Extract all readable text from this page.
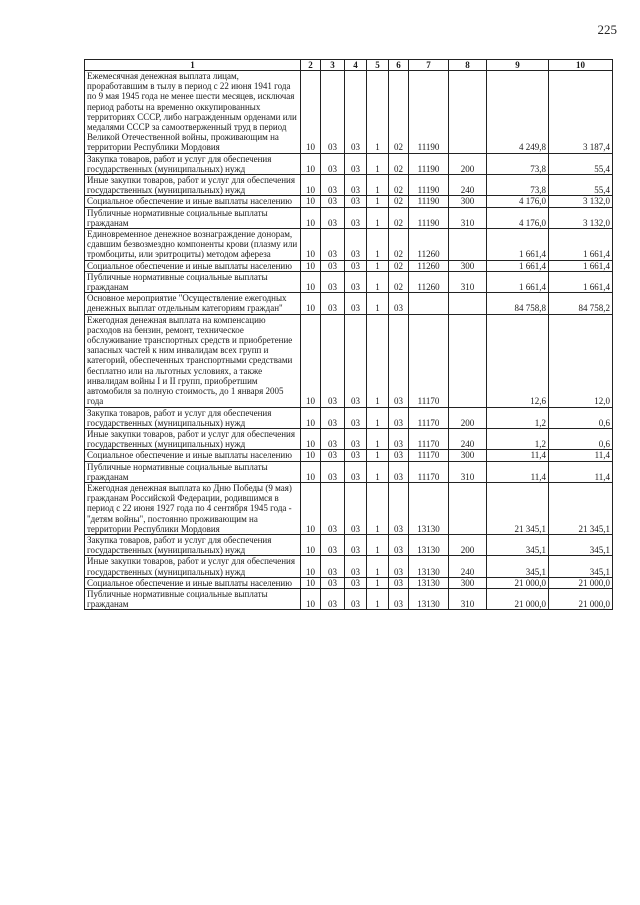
225
1	2	3	4	5	6	7	8	9	10
Ежемесячная денежная выплата лицам, проработавшим в тылу в период с 22 июня 1941 года по 9 мая 1945 года не менее шести месяцев, исключая период работы на временно оккупированных территориях СССР, либо награжденным орденами или медалями СССР за самоотверженный труд в период Великой Отечественной войны, проживающим на территории Республики Мордовия	10	03	03	1	02	11190		4 249,8	3 187,4
Закупка товаров, работ и услуг для обеспечения государственных (муниципальных) нужд	10	03	03	1	02	11190	200	73,8	55,4
Иные закупки товаров, работ и услуг для обеспечения государственных (муниципальных) нужд	10	03	03	1	02	11190	240	73,8	55,4
Социальное обеспечение и иные выплаты населению	10	03	03	1	02	11190	300	4 176,0	3 132,0
Публичные нормативные социальные выплаты гражданам	10	03	03	1	02	11190	310	4 176,0	3 132,0
Единовременное денежное вознаграждение донорам, сдавшим безвозмездно компоненты крови (плазму или тромбоциты, или эритроциты) методом афереза	10	03	03	1	02	11260		1 661,4	1 661,4
Социальное обеспечение и иные выплаты населению	10	03	03	1	02	11260	300	1 661,4	1 661,4
Публичные нормативные социальные выплаты гражданам	10	03	03	1	02	11260	310	1 661,4	1 661,4
Основное мероприятие "Осуществление ежегодных денежных выплат отдельным категориям граждан"	10	03	03	1	03			84 758,8	84 758,2
Ежегодная денежная выплата на компенсацию расходов на бензин, ремонт, техническое обслуживание транспортных средств и приобретение запасных частей к ним инвалидам всех групп и категорий, обеспеченных транспортными средствами бесплатно или на льготных условиях, а также инвалидам войны I и II групп, приобретшим автомобиля за полную стоимость, до 1 января 2005 года	10	03	03	1	03	11170		12,6	12,0
Закупка товаров, работ и услуг для обеспечения государственных (муниципальных) нужд	10	03	03	1	03	11170	200	1,2	0,6
Иные закупки товаров, работ и услуг для обеспечения государственных (муниципальных) нужд	10	03	03	1	03	11170	240	1,2	0,6
Социальное обеспечение и иные выплаты населению	10	03	03	1	03	11170	300	11,4	11,4
Публичные нормативные социальные выплаты гражданам	10	03	03	1	03	11170	310	11,4	11,4
Ежегодная денежная выплата ко Дню Победы (9 мая) гражданам Российской Федерации, родившимся в период с 22 июня 1927 года по 4 сентября 1945 года - "детям войны", постоянно проживающим на территории Республики Мордовия	10	03	03	1	03	13130		21 345,1	21 345,1
Закупка товаров, работ и услуг для обеспечения государственных (муниципальных) нужд	10	03	03	1	03	13130	200	345,1	345,1
Иные закупки товаров, работ и услуг для обеспечения государственных (муниципальных) нужд	10	03	03	1	03	13130	240	345,1	345,1
Социальное обеспечение и иные выплаты населению	10	03	03	1	03	13130	300	21 000,0	21 000,0
Публичные нормативные социальные выплаты гражданам	10	03	03	1	03	13130	310	21 000,0	21 000,0
